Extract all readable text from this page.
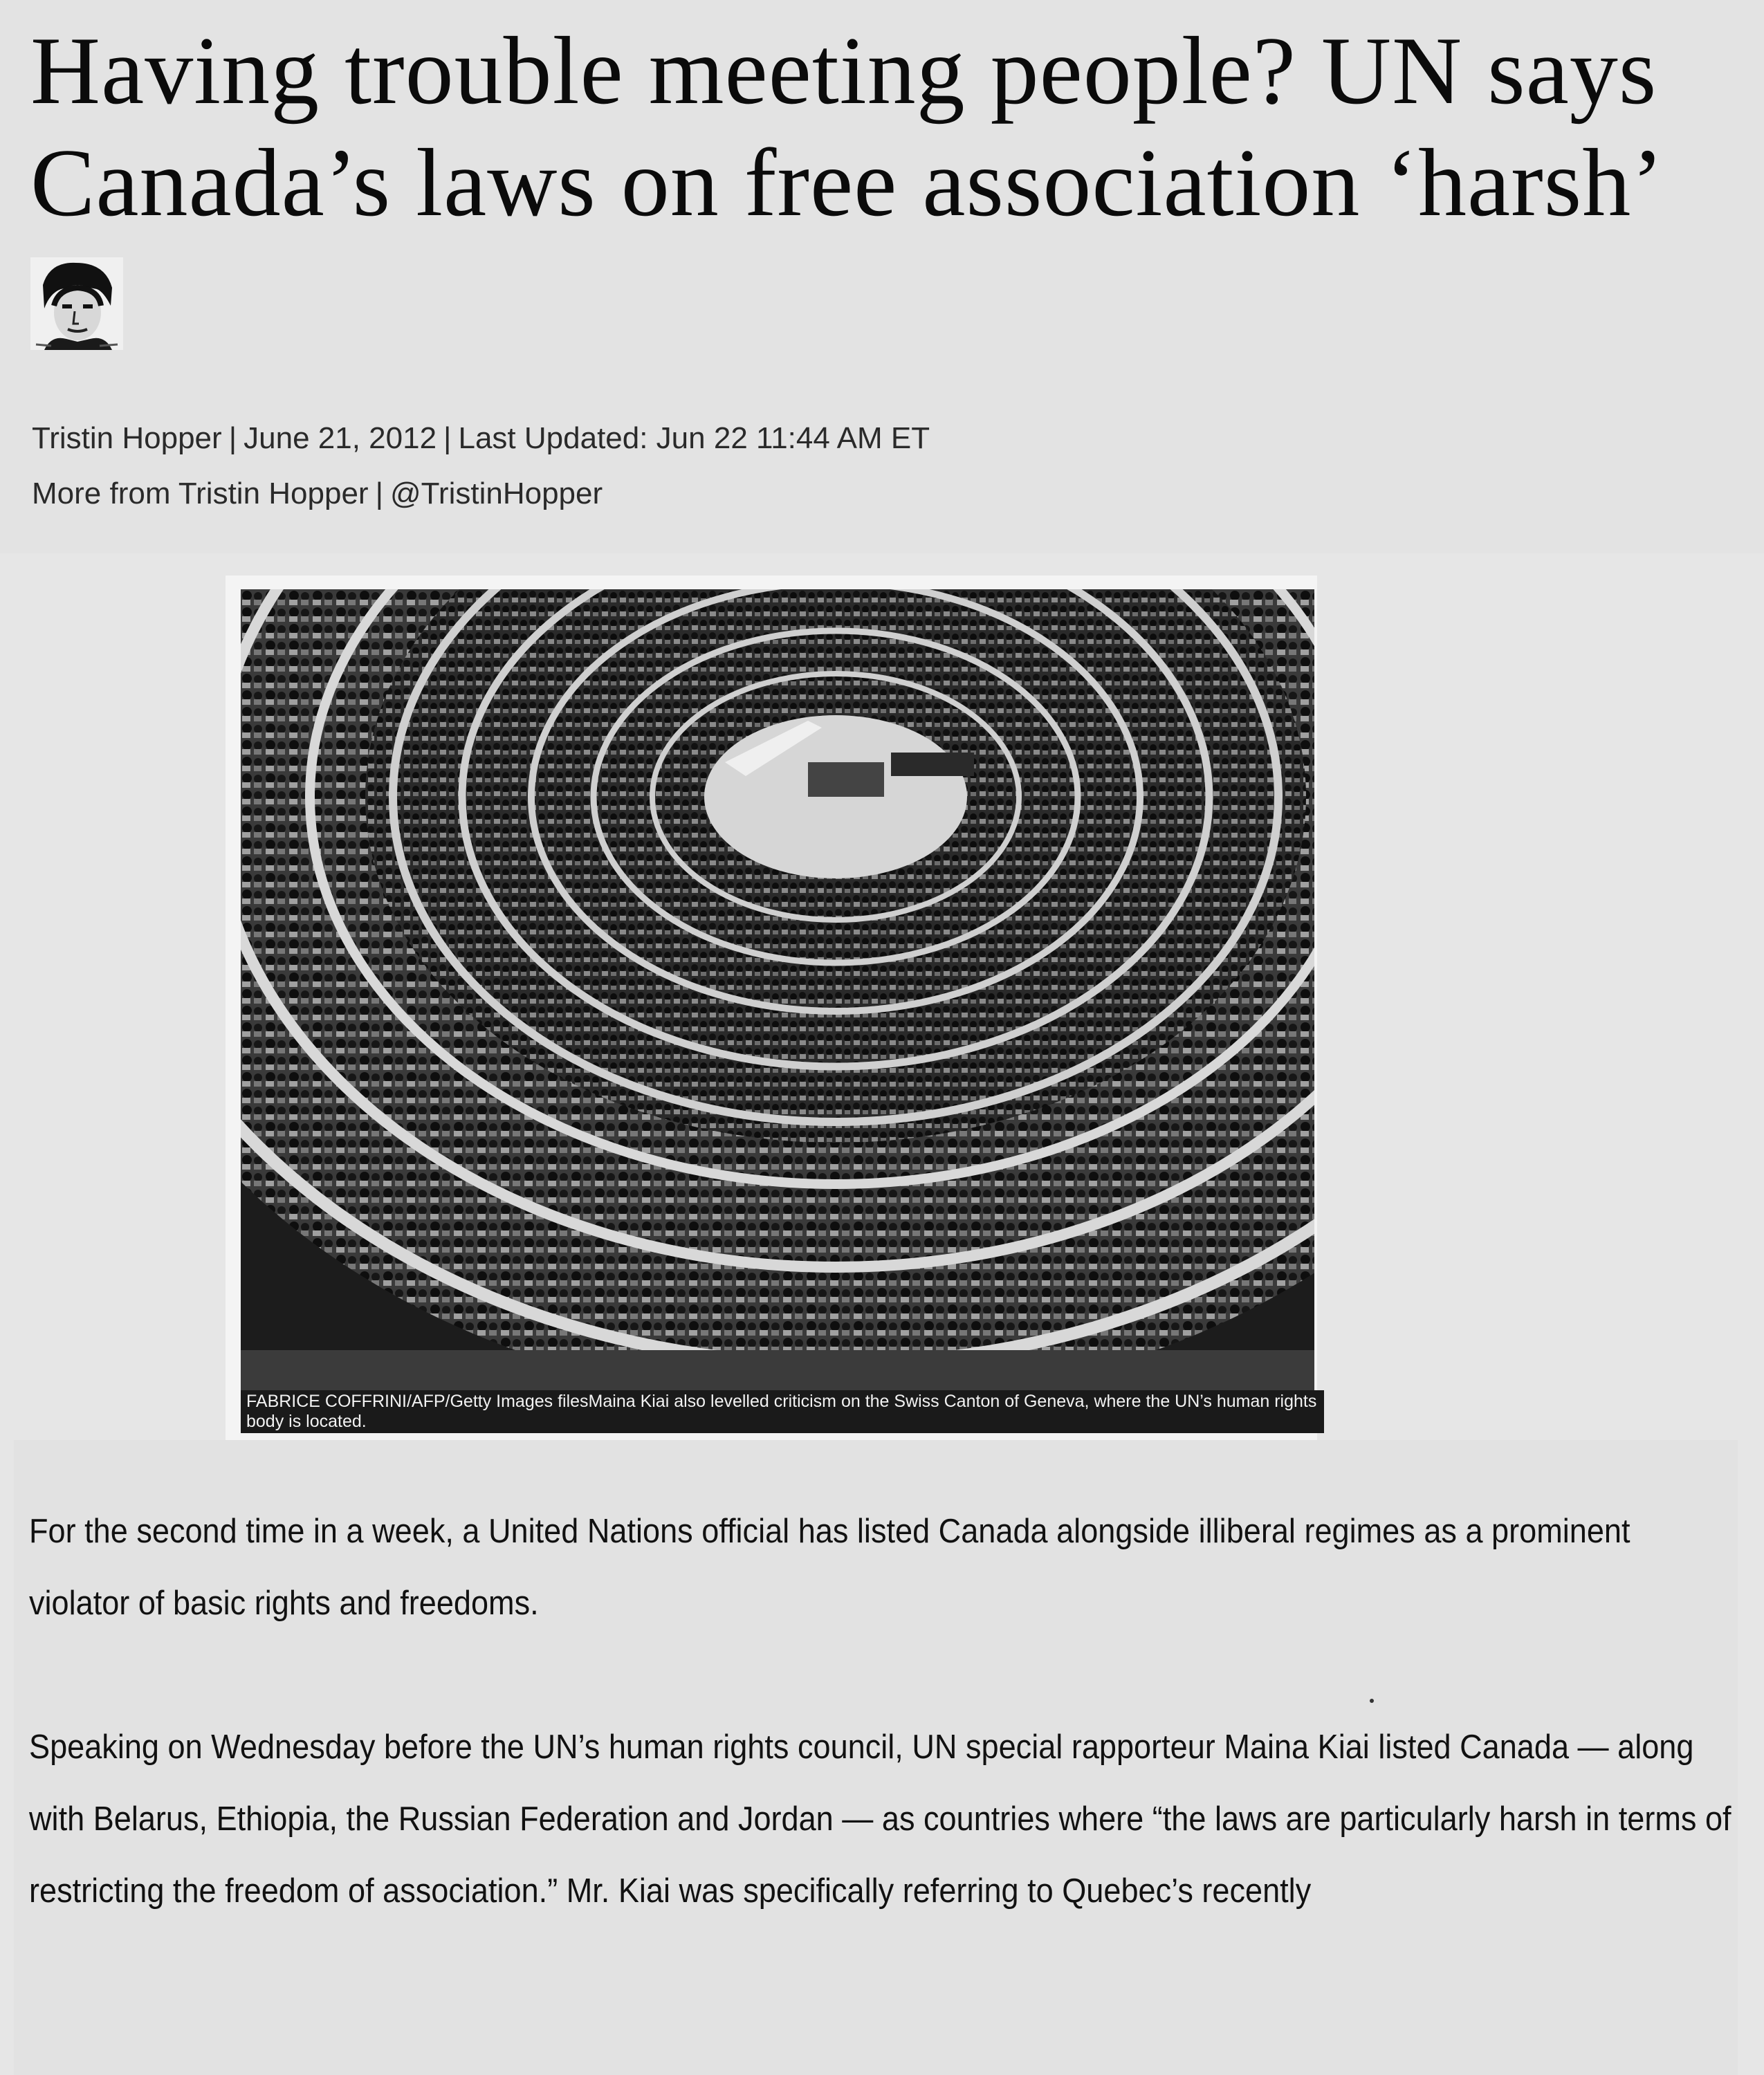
Having trouble meeting people? UN says Canada’s laws on free association ‘harsh’
Tristin Hopper | June 21, 2012 | Last Updated: Jun 22 11:44 AM ET
More from Tristin Hopper | @TristinHopper
FABRICE COFFRINI/AFP/Getty Images filesMaina Kiai also levelled criticism on the Swiss Canton of Geneva, where the UN’s human rights body is located.

For the second time in a week, a United Nations official has listed Canada alongside illiberal regimes as a prominent violator of basic rights and freedoms.

Speaking on Wednesday before the UN’s human rights council, UN special rapporteur Maina Kiai listed Canada — along with Belarus, Ethiopia, the Russian Federation and Jordan — as countries where “the laws are particularly harsh in terms of restricting the freedom of association.” Mr. Kiai was specifically referring to Quebec’s recently
